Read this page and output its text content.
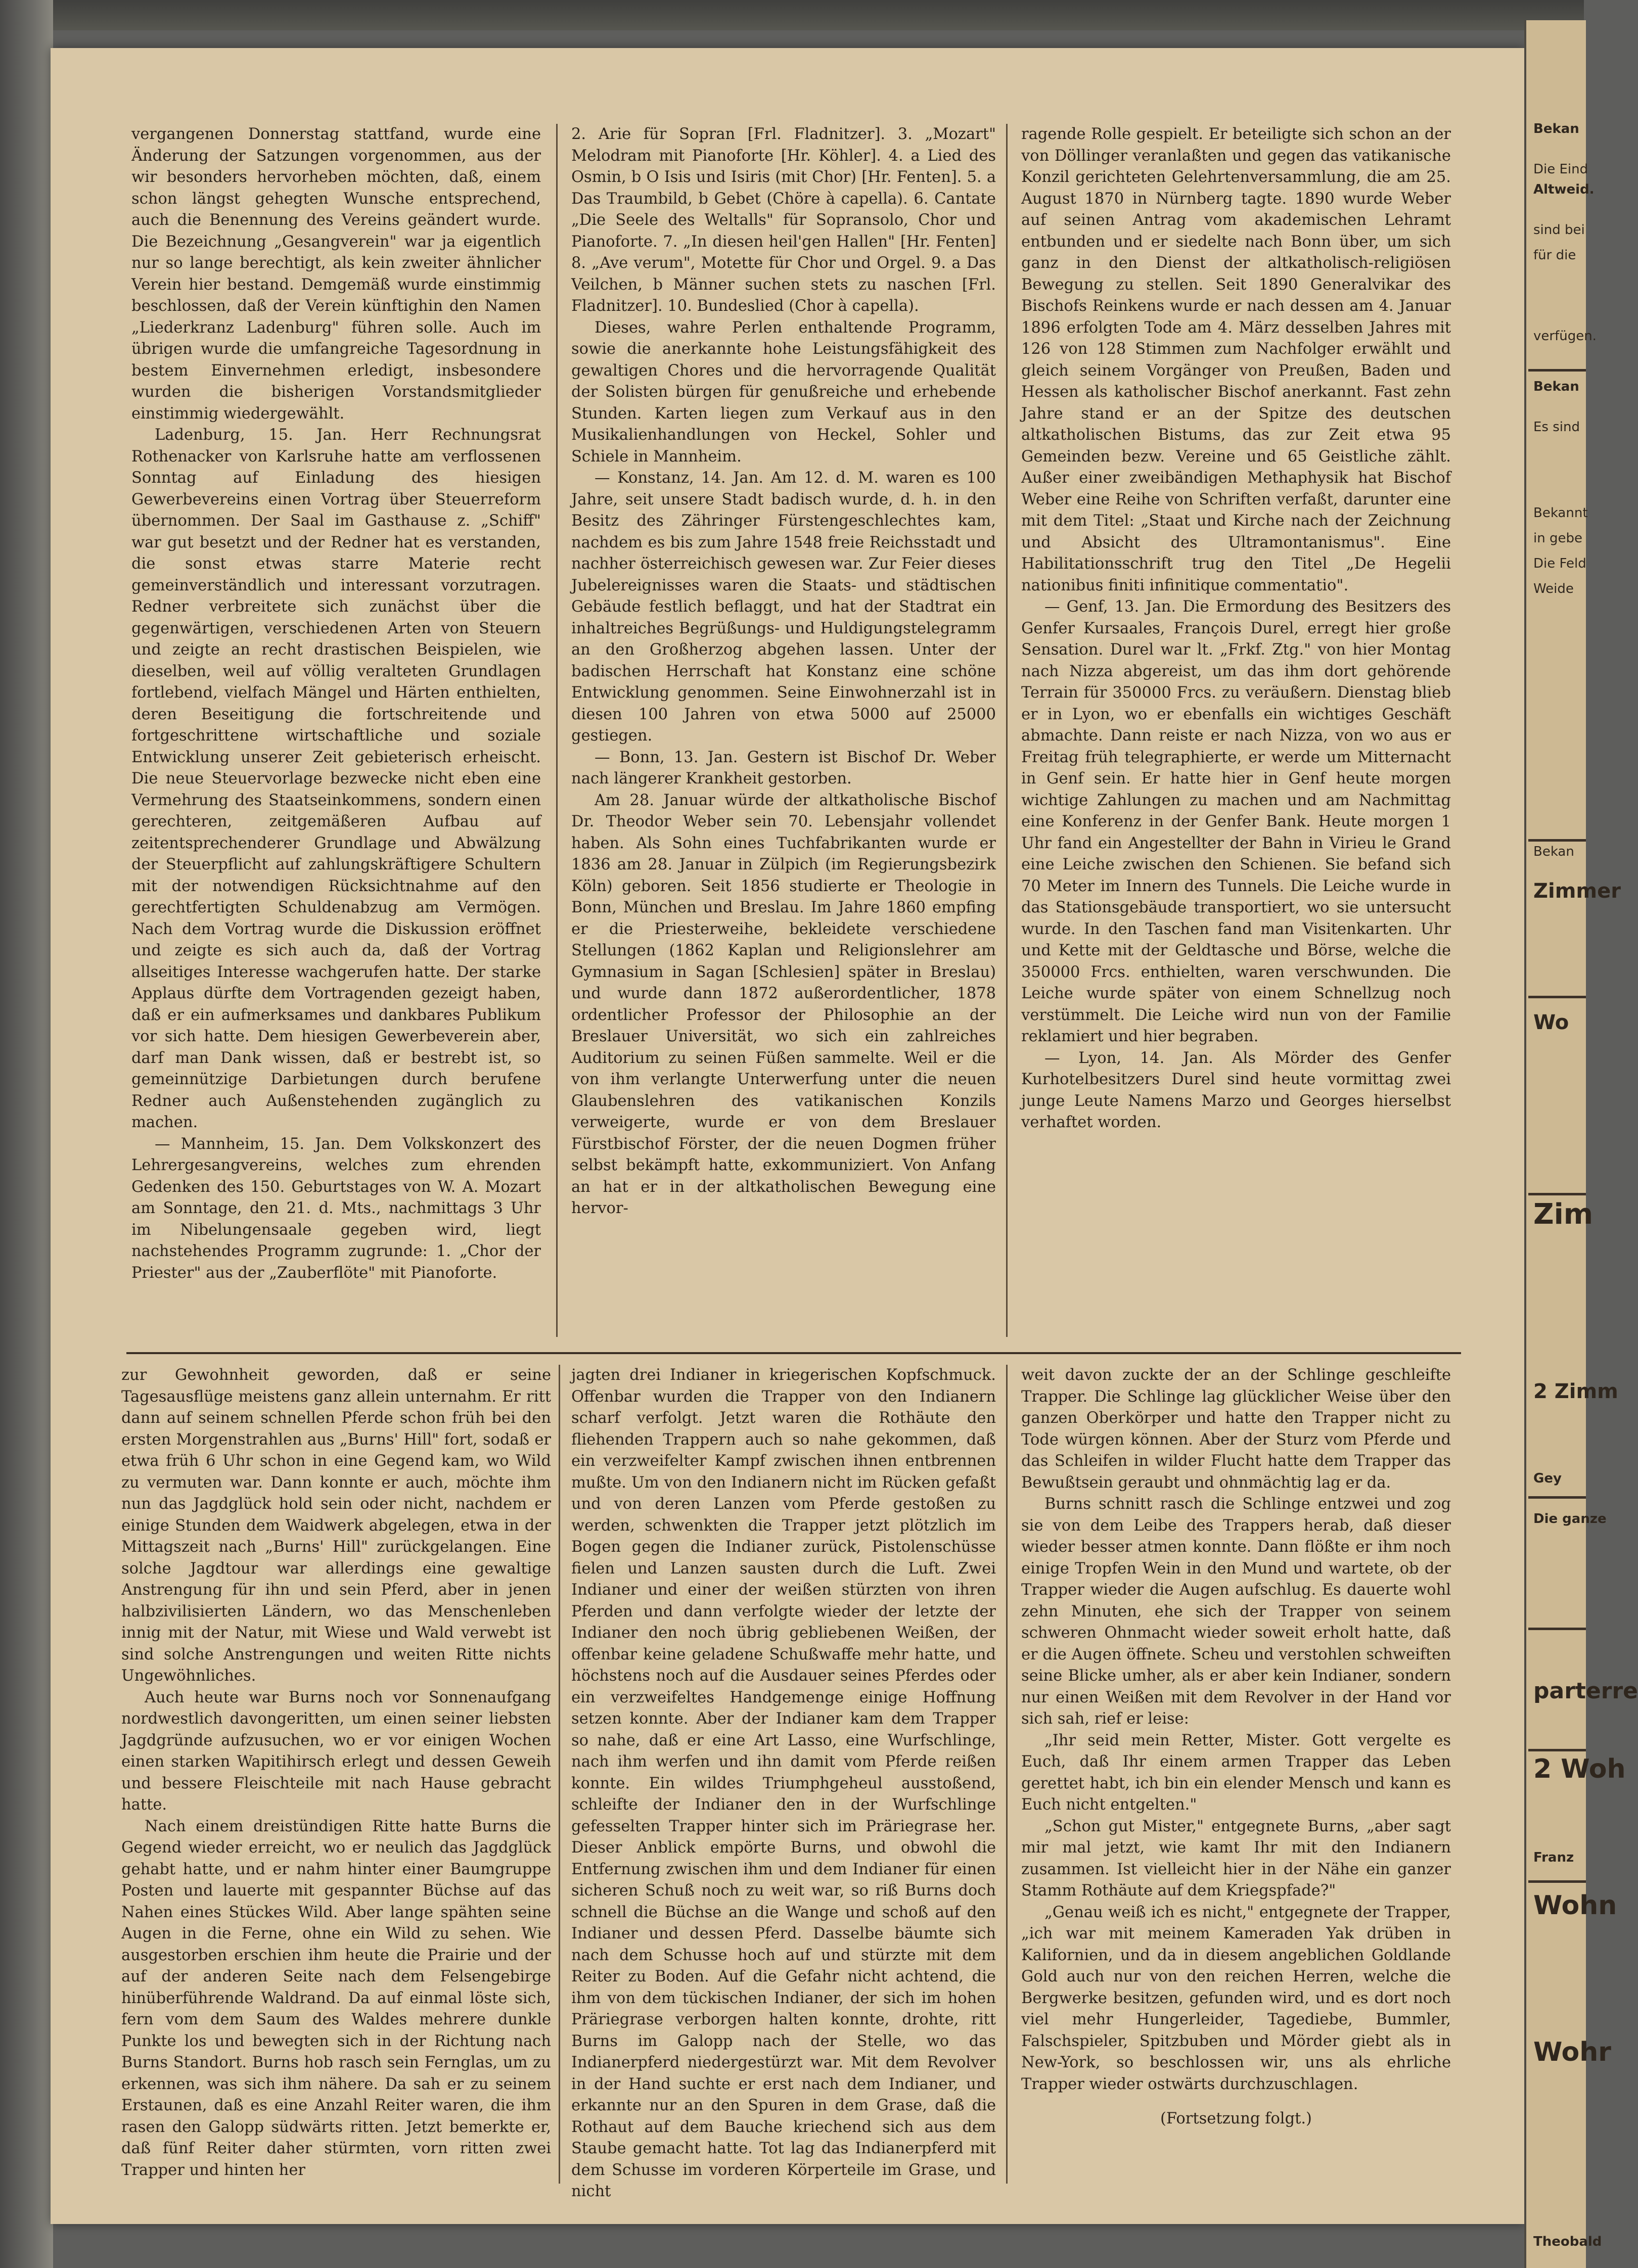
vergangenen Donnerstag stattfand, wurde eine Änderung der Satzungen vorgenommen, aus der wir besonders hervorheben möchten, daß, einem schon längst gehegten Wunsche entsprechend, auch die Benennung des Vereins geändert wurde. Die Bezeichnung „Gesangverein" war ja eigentlich nur so lange berechtigt, als kein zweiter ähnlicher Verein hier bestand. Demgemäß wurde einstimmig beschlossen, daß der Verein künftighin den Namen „Liederkranz Ladenburg" führen solle. Auch im übrigen wurde die umfangreiche Tagesordnung in bestem Einvernehmen erledigt, insbesondere wurden die bisherigen Vorstandsmitglieder einstimmig wiedergewählt.

Ladenburg, 15. Jan. Herr Rechnungsrat Rothenacker von Karlsruhe hatte am verflossenen Sonntag auf Einladung des hiesigen Gewerbevereins einen Vortrag über Steuerreform übernommen. Der Saal im Gasthause z. „Schiff" war gut besetzt und der Redner hat es verstanden, die sonst etwas starre Materie recht gemeinverständlich und interessant vorzutragen. Redner verbreitete sich zunächst über die gegenwärtigen, verschiedenen Arten von Steuern und zeigte an recht drastischen Beispielen, wie dieselben, weil auf völlig veralteten Grundlagen fortlebend, vielfach Mängel und Härten enthielten, deren Beseitigung die fortschreitende und fortgeschrittene wirtschaftliche und soziale Entwicklung unserer Zeit gebieterisch erheischt. Die neue Steuervorlage bezwecke nicht eben eine Vermehrung des Staatseinkommens, sondern einen gerechteren, zeitgemäßeren Aufbau auf zeitentsprechenderer Grundlage und Abwälzung der Steuerpflicht auf zahlungskräftigere Schultern mit der notwendigen Rücksichtnahme auf den gerechtfertigten Schuldenabzug am Vermögen. Nach dem Vortrag wurde die Diskussion eröffnet und zeigte es sich auch da, daß der Vortrag allseitiges Interesse wachgerufen hatte. Der starke Applaus dürfte dem Vortragenden gezeigt haben, daß er ein aufmerksames und dankbares Publikum vor sich hatte. Dem hiesigen Gewerbeverein aber, darf man Dank wissen, daß er bestrebt ist, so gemeinnützige Darbietungen durch berufene Redner auch Außenstehenden zugänglich zu machen.

— Mannheim, 15. Jan. Dem Volkskonzert des Lehrergesangvereins, welches zum ehrenden Gedenken des 150. Geburtstages von W. A. Mozart am Sonntage, den 21. d. Mts., nachmittags 3 Uhr im Nibelungensaale gegeben wird, liegt nachstehendes Programm zugrunde: 1. „Chor der Priester" aus der „Zauberflöte" mit Pianoforte.

2. Arie für Sopran [Frl. Fladnitzer]. 3. „Mozart" Melodram mit Pianoforte [Hr. Köhler]. 4. a Lied des Osmin, b O Isis und Isiris (mit Chor) [Hr. Fenten]. 5. a Das Traumbild, b Gebet (Chöre à capella). 6. Cantate „Die Seele des Weltalls" für Sopransolo, Chor und Pianoforte. 7. „In diesen heil'gen Hallen" [Hr. Fenten] 8. „Ave verum", Motette für Chor und Orgel. 9. a Das Veilchen, b Männer suchen stets zu naschen [Frl. Fladnitzer]. 10. Bundeslied (Chor à capella).

Dieses, wahre Perlen enthaltende Programm, sowie die anerkannte hohe Leistungsfähigkeit des gewaltigen Chores und die hervorragende Qualität der Solisten bürgen für genußreiche und erhebende Stunden. Karten liegen zum Verkauf aus in den Musikalienhandlungen von Heckel, Sohler und Schiele in Mannheim.

— Konstanz, 14. Jan. Am 12. d. M. waren es 100 Jahre, seit unsere Stadt badisch wurde, d. h. in den Besitz des Zähringer Fürstengeschlechtes kam, nachdem es bis zum Jahre 1548 freie Reichsstadt und nachher österreichisch gewesen war. Zur Feier dieses Jubelereignisses waren die Staats- und städtischen Gebäude festlich beflaggt, und hat der Stadtrat ein inhaltreiches Begrüßungs- und Huldigungstelegramm an den Großherzog abgehen lassen. Unter der badischen Herrschaft hat Konstanz eine schöne Entwicklung genommen. Seine Einwohnerzahl ist in diesen 100 Jahren von etwa 5000 auf 25000 gestiegen.

— Bonn, 13. Jan. Gestern ist Bischof Dr. Weber nach längerer Krankheit gestorben.

Am 28. Januar würde der altkatholische Bischof Dr. Theodor Weber sein 70. Lebensjahr vollendet haben. Als Sohn eines Tuchfabrikanten wurde er 1836 am 28. Januar in Zülpich (im Regierungsbezirk Köln) geboren. Seit 1856 studierte er Theologie in Bonn, München und Breslau. Im Jahre 1860 empfing er die Priesterweihe, bekleidete verschiedene Stellungen (1862 Kaplan und Religionslehrer am Gymnasium in Sagan [Schlesien] später in Breslau) und wurde dann 1872 außerordentlicher, 1878 ordentlicher Professor der Philosophie an der Breslauer Universität, wo sich ein zahlreiches Auditorium zu seinen Füßen sammelte. Weil er die von ihm verlangte Unterwerfung unter die neuen Glaubenslehren des vatikanischen Konzils verweigerte, wurde er von dem Breslauer Fürstbischof Förster, der die neuen Dogmen früher selbst bekämpft hatte, exkommuniziert. Von Anfang an hat er in der altkatholischen Bewegung eine hervor-

ragende Rolle gespielt. Er beteiligte sich schon an der von Döllinger veranlaßten und gegen das vatikanische Konzil gerichteten Gelehrtenversammlung, die am 25. August 1870 in Nürnberg tagte. 1890 wurde Weber auf seinen Antrag vom akademischen Lehramt entbunden und er siedelte nach Bonn über, um sich ganz in den Dienst der altkatholisch-religiösen Bewegung zu stellen. Seit 1890 Generalvikar des Bischofs Reinkens wurde er nach dessen am 4. Januar 1896 erfolgten Tode am 4. März desselben Jahres mit 126 von 128 Stimmen zum Nachfolger erwählt und gleich seinem Vorgänger von Preußen, Baden und Hessen als katholischer Bischof anerkannt. Fast zehn Jahre stand er an der Spitze des deutschen altkatholischen Bistums, das zur Zeit etwa 95 Gemeinden bezw. Vereine und 65 Geistliche zählt. Außer einer zweibändigen Methaphysik hat Bischof Weber eine Reihe von Schriften verfaßt, darunter eine mit dem Titel: „Staat und Kirche nach der Zeichnung und Absicht des Ultramontanismus". Eine Habilitationsschrift trug den Titel „De Hegelii nationibus finiti infinitique commentatio".

— Genf, 13. Jan. Die Ermordung des Besitzers des Genfer Kursaales, François Durel, erregt hier große Sensation. Durel war lt. „Frkf. Ztg." von hier Montag nach Nizza abgereist, um das ihm dort gehörende Terrain für 350000 Frcs. zu veräußern. Dienstag blieb er in Lyon, wo er ebenfalls ein wichtiges Geschäft abmachte. Dann reiste er nach Nizza, von wo aus er Freitag früh telegraphierte, er werde um Mitternacht in Genf sein. Er hatte hier in Genf heute morgen wichtige Zahlungen zu machen und am Nachmittag eine Konferenz in der Genfer Bank. Heute morgen 1 Uhr fand ein Angestellter der Bahn in Virieu le Grand eine Leiche zwischen den Schienen. Sie befand sich 70 Meter im Innern des Tunnels. Die Leiche wurde in das Stationsgebäude transportiert, wo sie untersucht wurde. In den Taschen fand man Visitenkarten. Uhr und Kette mit der Geldtasche und Börse, welche die 350000 Frcs. enthielten, waren verschwunden. Die Leiche wurde später von einem Schnellzug noch verstümmelt. Die Leiche wird nun von der Familie reklamiert und hier begraben.

— Lyon, 14. Jan. Als Mörder des Genfer Kurhotelbesitzers Durel sind heute vormittag zwei junge Leute Namens Marzo und Georges hierselbst verhaftet worden.

zur Gewohnheit geworden, daß er seine Tagesausflüge meistens ganz allein unternahm. Er ritt dann auf seinem schnellen Pferde schon früh bei den ersten Morgenstrahlen aus „Burns' Hill" fort, sodaß er etwa früh 6 Uhr schon in eine Gegend kam, wo Wild zu vermuten war. Dann konnte er auch, möchte ihm nun das Jagdglück hold sein oder nicht, nachdem er einige Stunden dem Waidwerk abgelegen, etwa in der Mittagszeit nach „Burns' Hill" zurückgelangen. Eine solche Jagdtour war allerdings eine gewaltige Anstrengung für ihn und sein Pferd, aber in jenen halbzivilisierten Ländern, wo das Menschenleben innig mit der Natur, mit Wiese und Wald verwebt ist sind solche Anstrengungen und weiten Ritte nichts Ungewöhnliches.

Auch heute war Burns noch vor Sonnenaufgang nordwestlich davongeritten, um einen seiner liebsten Jagdgründe aufzusuchen, wo er vor einigen Wochen einen starken Wapitihirsch erlegt und dessen Geweih und bessere Fleischteile mit nach Hause gebracht hatte.

Nach einem dreistündigen Ritte hatte Burns die Gegend wieder erreicht, wo er neulich das Jagdglück gehabt hatte, und er nahm hinter einer Baumgruppe Posten und lauerte mit gespannter Büchse auf das Nahen eines Stückes Wild. Aber lange spähten seine Augen in die Ferne, ohne ein Wild zu sehen. Wie ausgestorben erschien ihm heute die Prairie und der auf der anderen Seite nach dem Felsengebirge hinüberführende Waldrand. Da auf einmal löste sich, fern vom dem Saum des Waldes mehrere dunkle Punkte los und bewegten sich in der Richtung nach Burns Standort. Burns hob rasch sein Fernglas, um zu erkennen, was sich ihm nähere. Da sah er zu seinem Erstaunen, daß es eine Anzahl Reiter waren, die ihm rasen den Galopp südwärts ritten. Jetzt bemerkte er, daß fünf Reiter daher stürmten, vorn ritten zwei Trapper und hinten her

jagten drei Indianer in kriegerischen Kopfschmuck. Offenbar wurden die Trapper von den Indianern scharf verfolgt. Jetzt waren die Rothäute den fliehenden Trappern auch so nahe gekommen, daß ein verzweifelter Kampf zwischen ihnen entbrennen mußte. Um von den Indianern nicht im Rücken gefaßt und von deren Lanzen vom Pferde gestoßen zu werden, schwenkten die Trapper jetzt plötzlich im Bogen gegen die Indianer zurück, Pistolenschüsse fielen und Lanzen sausten durch die Luft. Zwei Indianer und einer der weißen stürzten von ihren Pferden und dann verfolgte wieder der letzte der Indianer den noch übrig gebliebenen Weißen, der offenbar keine geladene Schußwaffe mehr hatte, und höchstens noch auf die Ausdauer seines Pferdes oder ein verzweifeltes Handgemenge einige Hoffnung setzen konnte. Aber der Indianer kam dem Trapper so nahe, daß er eine Art Lasso, eine Wurfschlinge, nach ihm werfen und ihn damit vom Pferde reißen konnte. Ein wildes Triumphgeheul ausstoßend, schleifte der Indianer den in der Wurfschlinge gefesselten Trapper hinter sich im Präriegrase her. Dieser Anblick empörte Burns, und obwohl die Entfernung zwischen ihm und dem Indianer für einen sicheren Schuß noch zu weit war, so riß Burns doch schnell die Büchse an die Wange und schoß auf den Indianer und dessen Pferd. Dasselbe bäumte sich nach dem Schusse hoch auf und stürzte mit dem Reiter zu Boden. Auf die Gefahr nicht achtend, die ihm von dem tückischen Indianer, der sich im hohen Präriegrase verborgen halten konnte, drohte, ritt Burns im Galopp nach der Stelle, wo das Indianerpferd niedergestürzt war. Mit dem Revolver in der Hand suchte er erst nach dem Indianer, und erkannte nur an den Spuren in dem Grase, daß die Rothaut auf dem Bauche kriechend sich aus dem Staube gemacht hatte. Tot lag das Indianerpferd mit dem Schusse im vorderen Körperteile im Grase, und nicht

weit davon zuckte der an der Schlinge geschleifte Trapper. Die Schlinge lag glücklicher Weise über den ganzen Oberkörper und hatte den Trapper nicht zu Tode würgen können. Aber der Sturz vom Pferde und das Schleifen in wilder Flucht hatte dem Trapper das Bewußtsein geraubt und ohnmächtig lag er da.

Burns schnitt rasch die Schlinge entzwei und zog sie von dem Leibe des Trappers herab, daß dieser wieder besser atmen konnte. Dann flößte er ihm noch einige Tropfen Wein in den Mund und wartete, ob der Trapper wieder die Augen aufschlug. Es dauerte wohl zehn Minuten, ehe sich der Trapper von seinem schweren Ohnmacht wieder soweit erholt hatte, daß er die Augen öffnete. Scheu und verstohlen schweiften seine Blicke umher, als er aber kein Indianer, sondern nur einen Weißen mit dem Revolver in der Hand vor sich sah, rief er leise:

„Ihr seid mein Retter, Mister. Gott vergelte es Euch, daß Ihr einem armen Trapper das Leben gerettet habt, ich bin ein elender Mensch und kann es Euch nicht entgelten."

„Schon gut Mister," entgegnete Burns, „aber sagt mir mal jetzt, wie kamt Ihr mit den Indianern zusammen. Ist vielleicht hier in der Nähe ein ganzer Stamm Rothäute auf dem Kriegspfade?"

„Genau weiß ich es nicht," entgegnete der Trapper, „ich war mit meinem Kameraden Yak drüben in Kalifornien, und da in diesem angeblichen Goldlande Gold auch nur von den reichen Herren, welche die Bergwerke besitzen, gefunden wird, und es dort noch viel mehr Hungerleider, Tagediebe, Bummler, Falschspieler, Spitzbuben und Mörder giebt als in New-York, so beschlossen wir, uns als ehrliche Trapper wieder ostwärts durchzuschlagen.

(Fortsetzung folgt.)

Bekan
Die Eind
Altweid.
sind bei
für die
verfügen.
Bekan
Es sind
Bekannt
in gebe
Die Feld
Weide
Bekan
Zimmer
Wo
Zim
2 Zimm
Gey
Die ganze
parterre
2 Woh
Franz
Wohn
Wohr
Theobald
